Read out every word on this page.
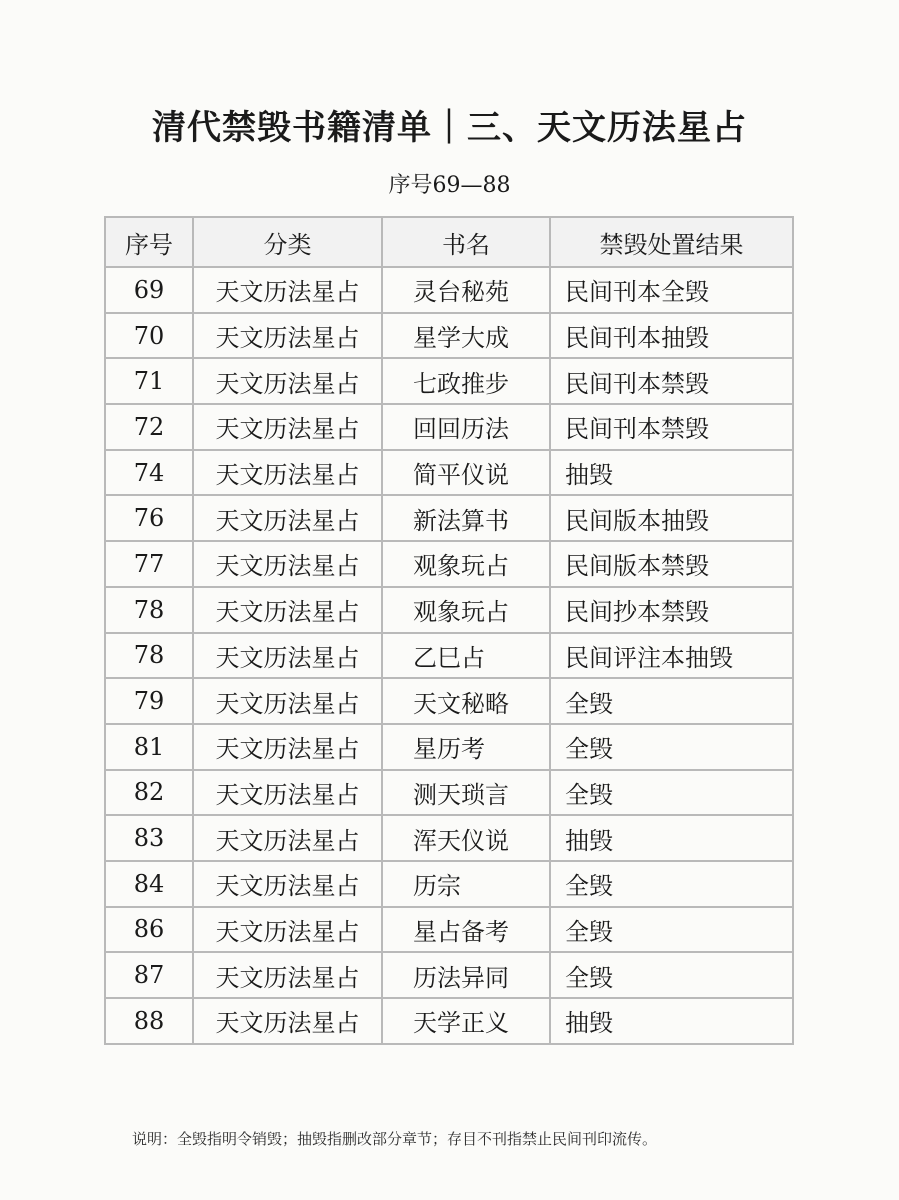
清代禁毁书籍清单｜三、天文历法星占
序号69—88
序号	分类	书名	禁毁处置结果
69	天文历法星占	灵台秘苑	民间刊本全毁
70	天文历法星占	星学大成	民间刊本抽毁
71	天文历法星占	七政推步	民间刊本禁毁
72	天文历法星占	回回历法	民间刊本禁毁
74	天文历法星占	简平仪说	抽毁
76	天文历法星占	新法算书	民间版本抽毁
77	天文历法星占	观象玩占	民间版本禁毁
78	天文历法星占	观象玩占	民间抄本禁毁
78	天文历法星占	乙巳占	民间评注本抽毁
79	天文历法星占	天文秘略	全毁
81	天文历法星占	星历考	全毁
82	天文历法星占	测天琐言	全毁
83	天文历法星占	浑天仪说	抽毁
84	天文历法星占	历宗	全毁
86	天文历法星占	星占备考	全毁
87	天文历法星占	历法异同	全毁
88	天文历法星占	天学正义	抽毁
说明：全毁指明令销毁；抽毁指删改部分章节；存目不刊指禁止民间刊印流传。
